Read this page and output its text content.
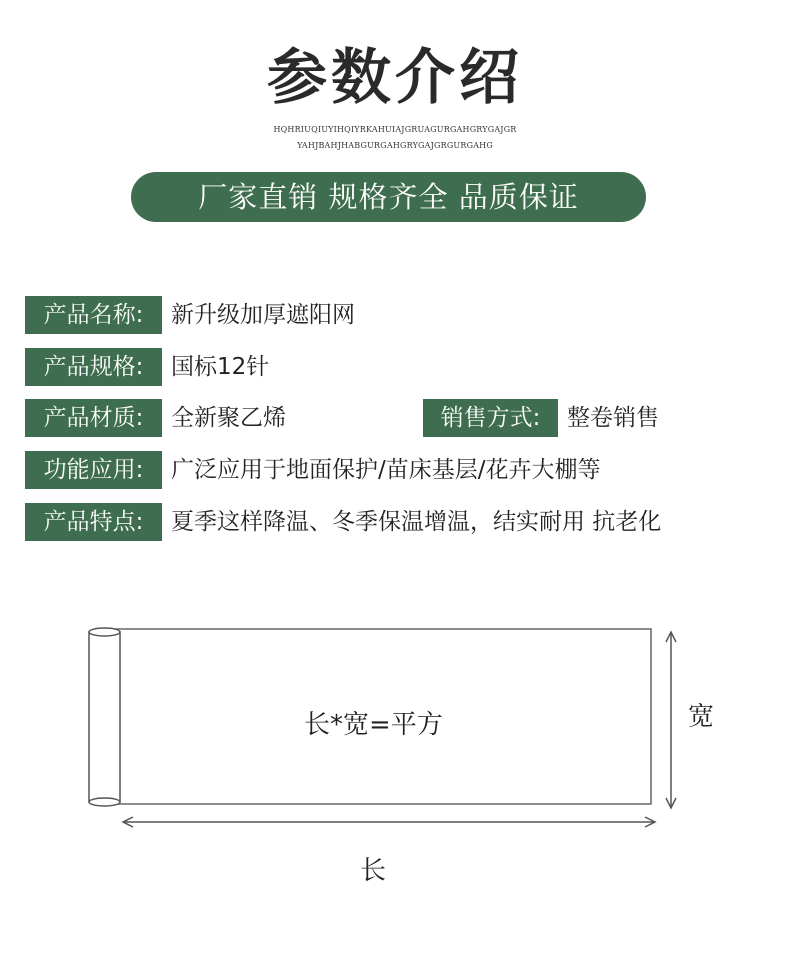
参数介绍
HQHRIUQIUYIHQIYRKAHUIAJGRUAGURGAHGRYGAJGR
YAHJBAHJHABGURGAHGRYGAJGRGURGAHG
厂家直销 规格齐全 品质保证
产品名称:	新升级加厚遮阳网
产品规格:	国标12针
产品材质:	全新聚乙烯	销售方式:	整卷销售
功能应用:	广泛应用于地面保护/苗床基层/花卉大棚等
产品特点:	夏季这样降温、冬季保温增温，结实耐用 抗老化
长*宽=平方	宽
长
